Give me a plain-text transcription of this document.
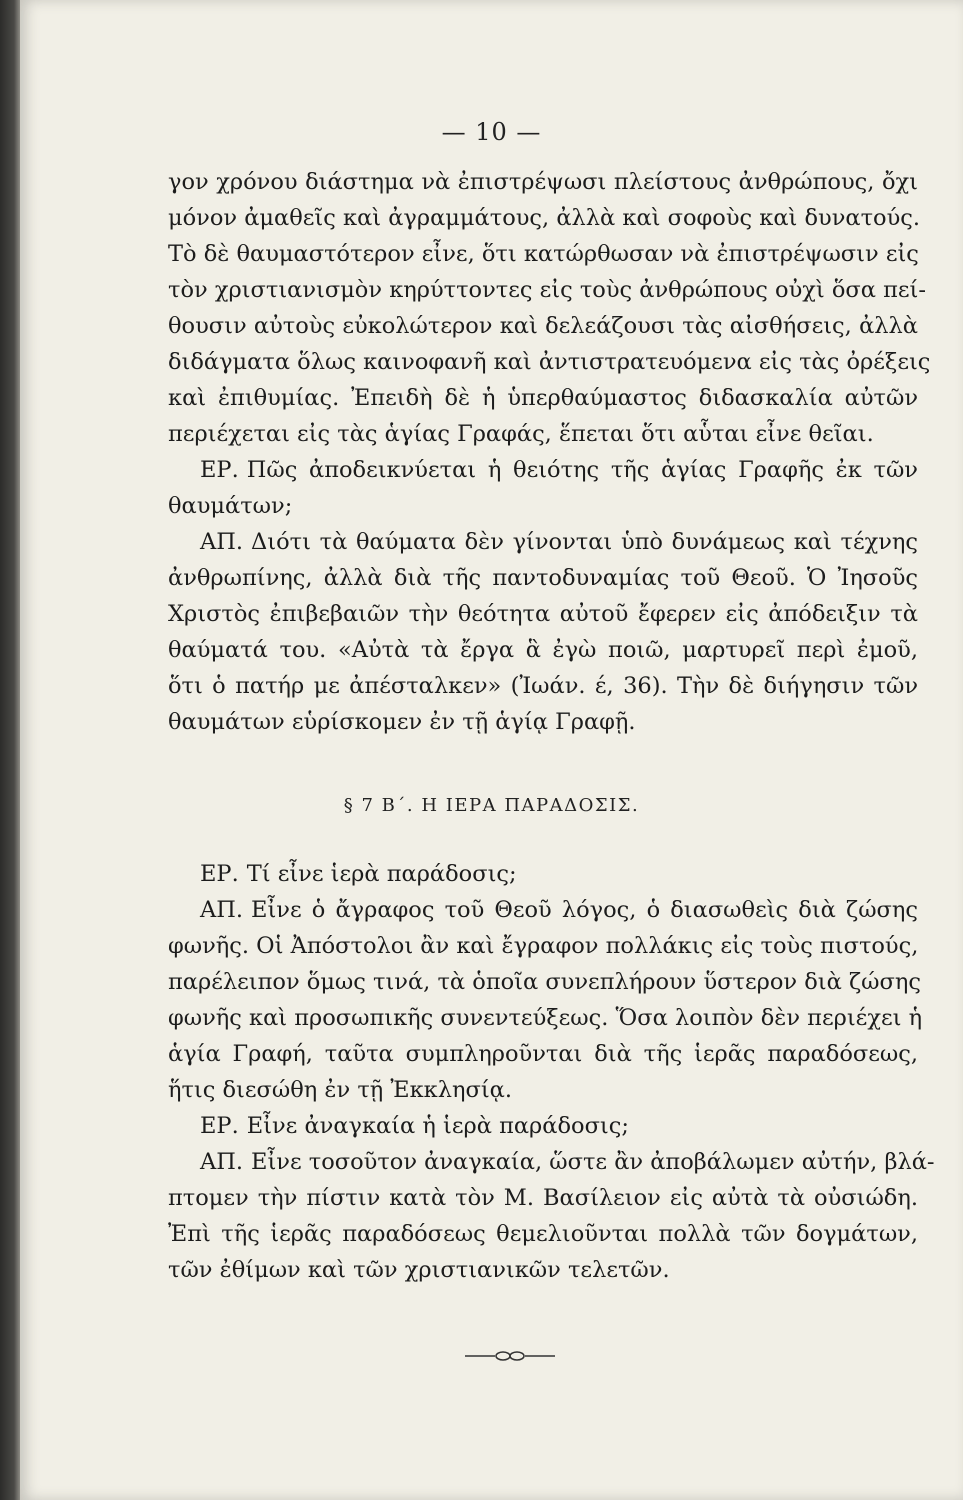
— 10 —
γον χρόνου διάστημα νὰ ἐπιστρέψωσι πλείστους ἀνθρώπους, ὄχι
μόνον ἀμαθεῖς καὶ ἀγραμμάτους, ἀλλὰ καὶ σοφοὺς καὶ δυνατούς.
Τὸ δὲ θαυμαστότερον εἶνε, ὅτι κατώρθωσαν νὰ ἐπιστρέψωσιν εἰς
τὸν χριστιανισμὸν κηρύττοντες εἰς τοὺς ἀνθρώπους οὐχὶ ὅσα πεί-
θουσιν αὐτοὺς εὐκολώτερον καὶ δελεάζουσι τὰς αἰσθήσεις, ἀλλὰ
διδάγματα ὅλως καινοφανῆ καὶ ἀντιστρατευόμενα εἰς τὰς ὀρέξεις
καὶ ἐπιθυμίας. Ἐπειδὴ δὲ ἡ ὑπερθαύμαστος διδασκαλία αὐτῶν
περιέχεται εἰς τὰς ἁγίας Γραφάς, ἕπεται ὅτι αὗται εἶνε θεῖαι.
ΕΡ. Πῶς ἀποδεικνύεται ἡ θειότης τῆς ἁγίας Γραφῆς ἐκ τῶν
θαυμάτων;
ΑΠ. Διότι τὰ θαύματα δὲν γίνονται ὑπὸ δυνάμεως καὶ τέχνης
ἀνθρωπίνης, ἀλλὰ διὰ τῆς παντοδυναμίας τοῦ Θεοῦ. Ὁ Ἰησοῦς
Χριστὸς ἐπιβεβαιῶν τὴν θεότητα αὐτοῦ ἔφερεν εἰς ἀπόδειξιν τὰ
θαύματά του. «Αὐτὰ τὰ ἔργα ἃ ἐγὼ ποιῶ, μαρτυρεῖ περὶ ἐμοῦ,
ὅτι ὁ πατήρ με ἀπέσταλκεν» (Ἰωάν. έ, 36). Τὴν δὲ διήγησιν τῶν
θαυμάτων εὑρίσκομεν ἐν τῇ ἁγίᾳ Γραφῇ.
§ 7 Β΄. Η ΙΕΡΑ ΠΑΡΑΔΟΣΙΣ.
ΕΡ. Τί εἶνε ἱερὰ παράδοσις;
ΑΠ. Εἶνε ὁ ἄγραφος τοῦ Θεοῦ λόγος, ὁ διασωθεὶς διὰ ζώσης
φωνῆς. Οἱ Ἀπόστολοι ἂν καὶ ἔγραφον πολλάκις εἰς τοὺς πιστούς,
παρέλειπον ὅμως τινά, τὰ ὁποῖα συνεπλήρουν ὕστερον διὰ ζώσης
φωνῆς καὶ προσωπικῆς συνεντεύξεως. Ὅσα λοιπὸν δὲν περιέχει ἡ
ἁγία Γραφή, ταῦτα συμπληροῦνται διὰ τῆς ἱερᾶς παραδόσεως,
ἥτις διεσώθη ἐν τῇ Ἐκκλησίᾳ.
ΕΡ. Εἶνε ἀναγκαία ἡ ἱερὰ παράδοσις;
ΑΠ. Εἶνε τοσοῦτον ἀναγκαία, ὥστε ἂν ἀποβάλωμεν αὐτήν, βλά-
πτομεν τὴν πίστιν κατὰ τὸν Μ. Βασίλειον εἰς αὐτὰ τὰ οὐσιώδη.
Ἐπὶ τῆς ἱερᾶς παραδόσεως θεμελιοῦνται πολλὰ τῶν δογμάτων,
τῶν ἐθίμων καὶ τῶν χριστιανικῶν τελετῶν.
